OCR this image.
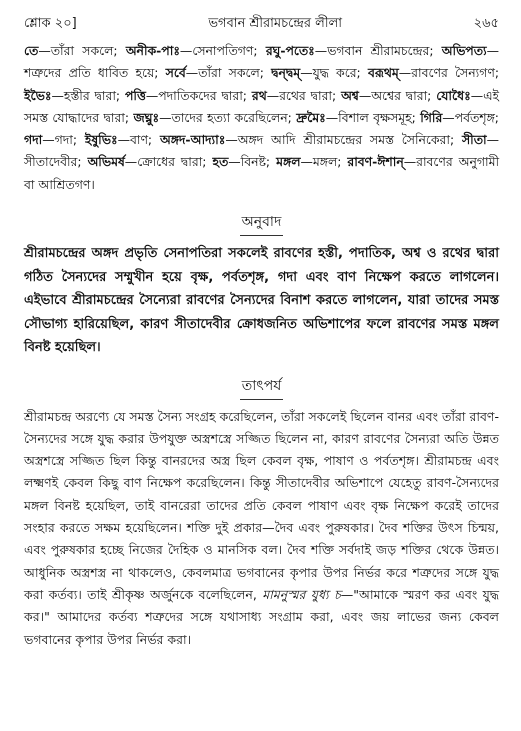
শ্লোক ২০]	ভগবান শ্রীরামচন্দ্রের লীলা	২৬৫

তে—তাঁরা সকলে; অনীক-পাঃ—সেনাপতিগণ; রঘু-পতেঃ—ভগবান শ্রীরামচন্দ্রের; অভিপত্য—শত্রুদের প্রতি ধাবিত হয়ে; সর্বে—তাঁরা সকলে; দ্বন্দ্বম্—যুদ্ধ করে; বরূথম্—রাবণের সৈন্যগণ; ইভৈঃ—হস্তীর দ্বারা; পত্তি—পদাতিকদের দ্বারা; রথ—রথের দ্বারা; অশ্ব—অশ্বের দ্বারা; যোধৈঃ—এই সমস্ত যোদ্ধাদের দ্বারা; জঘ্নুঃ—তাদের হত্যা করেছিলেন; দ্রুমৈঃ—বিশাল বৃক্ষসমূহ; গিরি—পর্বতশৃঙ্গ; গদা—গদা; ইষুভিঃ—বাণ; অঙ্গদ-আদ্যাঃ—অঙ্গদ আদি শ্রীরামচন্দ্রের সমস্ত সৈনিকেরা; সীতা—সীতাদেবীর; অভিমর্ষ—ক্রোধের দ্বারা; হত—বিনষ্ট; মঙ্গল—মঙ্গল; রাবণ-ঈশান্—রাবণের অনুগামী বা আশ্রিতগণ।

অনুবাদ

শ্রীরামচন্দ্রের অঙ্গদ প্রভৃতি সেনাপতিরা সকলেই রাবণের হস্তী, পদাতিক, অশ্ব ও রথের দ্বারা গঠিত সৈন্যদের সম্মুখীন হয়ে বৃক্ষ, পর্বতশৃঙ্গ, গদা এবং বাণ নিক্ষেপ করতে লাগলেন। এইভাবে শ্রীরামচন্দ্রের সৈন্যেরা রাবণের সৈন্যদের বিনাশ করতে লাগলেন, যারা তাদের সমস্ত সৌভাগ্য হারিয়েছিল, কারণ সীতাদেবীর ক্রোধজনিত অভিশাপের ফলে রাবণের সমস্ত মঙ্গল বিনষ্ট হয়েছিল।

তাৎপর্য

শ্রীরামচন্দ্র অরণ্যে যে সমস্ত সৈন্য সংগ্রহ করেছিলেন, তাঁরা সকলেই ছিলেন বানর এবং তাঁরা রাবণ-সৈন্যদের সঙ্গে যুদ্ধ করার উপযুক্ত অস্ত্রশস্ত্রে সজ্জিত ছিলেন না, কারণ রাবণের সৈন্যরা অতি উন্নত অস্ত্রশস্ত্রে সজ্জিত ছিল কিন্তু বানরদের অস্ত্র ছিল কেবল বৃক্ষ, পাষাণ ও পর্বতশৃঙ্গ। শ্রীরামচন্দ্র এবং লক্ষ্মণই কেবল কিছু বাণ নিক্ষেপ করেছিলেন। কিন্তু সীতাদেবীর অভিশাপে যেহেতু রাবণ-সৈন্যদের মঙ্গল বিনষ্ট হয়েছিল, তাই বানরেরা তাদের প্রতি কেবল পাষাণ এবং বৃক্ষ নিক্ষেপ করেই তাদের সংহার করতে সক্ষম হয়েছিলেন। শক্তি দুই প্রকার—দৈব এবং পুরুষকার। দৈব শক্তির উৎস চিন্ময়, এবং পুরুষকার হচ্ছে নিজের দৈহিক ও মানসিক বল। দৈব শক্তি সর্বদাই জড় শক্তির থেকে উন্নত। আধুনিক অস্ত্রশস্ত্র না থাকলেও, কেবলমাত্র ভগবানের কৃপার উপর নির্ভর করে শত্রুদের সঙ্গে যুদ্ধ করা কর্তব্য। তাই শ্রীকৃষ্ণ অর্জুনকে বলেছিলেন, মামনুস্মর যুধ্য চ—"আমাকে স্মরণ কর এবং যুদ্ধ কর।" আমাদের কর্তব্য শত্রুদের সঙ্গে যথাসাধ্য সংগ্রাম করা, এবং জয় লাভের জন্য কেবল ভগবানের কৃপার উপর নির্ভর করা।
